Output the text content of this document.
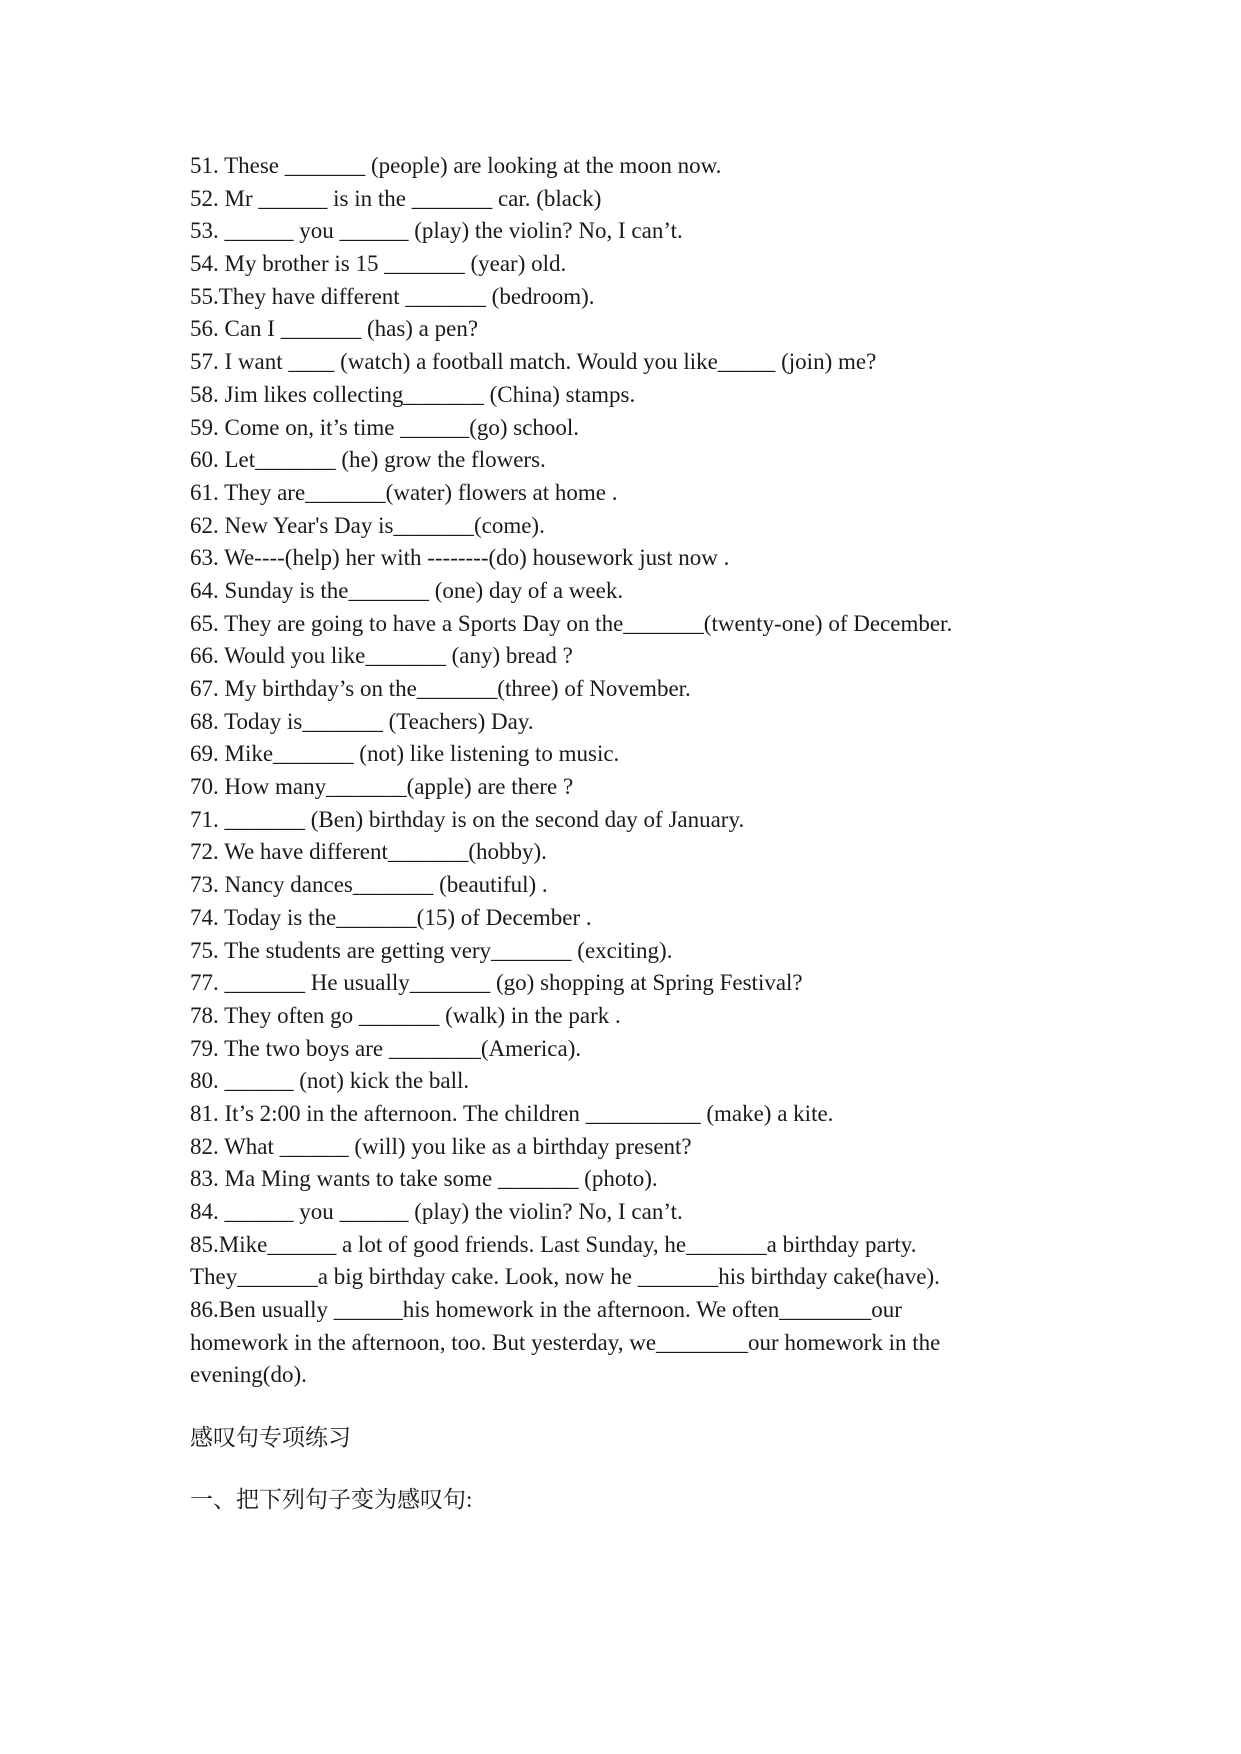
51. These _______ (people) are looking at the moon now.

52. Mr ______ is in the _______ car. (black)

53. ______ you ______ (play) the violin? No, I can’t.

54. My brother is 15 _______ (year) old.

55.They have different _______ (bedroom).

56. Can I _______ (has) a pen?

57. I want ____ (watch) a football match. Would you like_____ (join) me?

58. Jim likes collecting_______ (China) stamps.

59. Come on, it’s time ______(go) school.

60. Let_______ (he) grow the flowers.

61. They are_______(water) flowers at home .

62. New Year's Day is_______(come).

63. We----(help) her with --------(do) housework just now .

64. Sunday is the_______ (one) day of a week.

65. They are going to have a Sports Day on the_______(twenty-one) of December.

66. Would you like_______ (any) bread ?

67. My birthday’s on the_______(three) of November.

68. Today is_______ (Teachers) Day.

69. Mike_______ (not) like listening to music.

70. How many_______(apple) are there ?

71. _______ (Ben) birthday is on the second day of January.

72. We have different_______(hobby).

73. Nancy dances_______ (beautiful) .

74. Today is the_______(15) of December .

75. The students are getting very_______ (exciting).

77. _______ He usually_______ (go) shopping at Spring Festival?

78. They often go _______ (walk) in the park .

79. The two boys are ________(America).

80. ______ (not) kick the ball.

81. It’s 2:00 in the afternoon. The children __________ (make) a kite.

82. What ______ (will) you like as a birthday present?

83. Ma Ming wants to take some _______ (photo).

84. ______ you ______ (play) the violin? No, I can’t.

85.Mike______ a lot of good friends. Last Sunday, he_______a birthday party.

They_______a big birthday cake. Look, now he _______his birthday cake(have).

86.Ben usually ______his homework in the afternoon. We often________our

homework in the afternoon, too. But yesterday, we________our homework in the

evening(do).

感叹句专项练习

一、把下列句子变为感叹句:
